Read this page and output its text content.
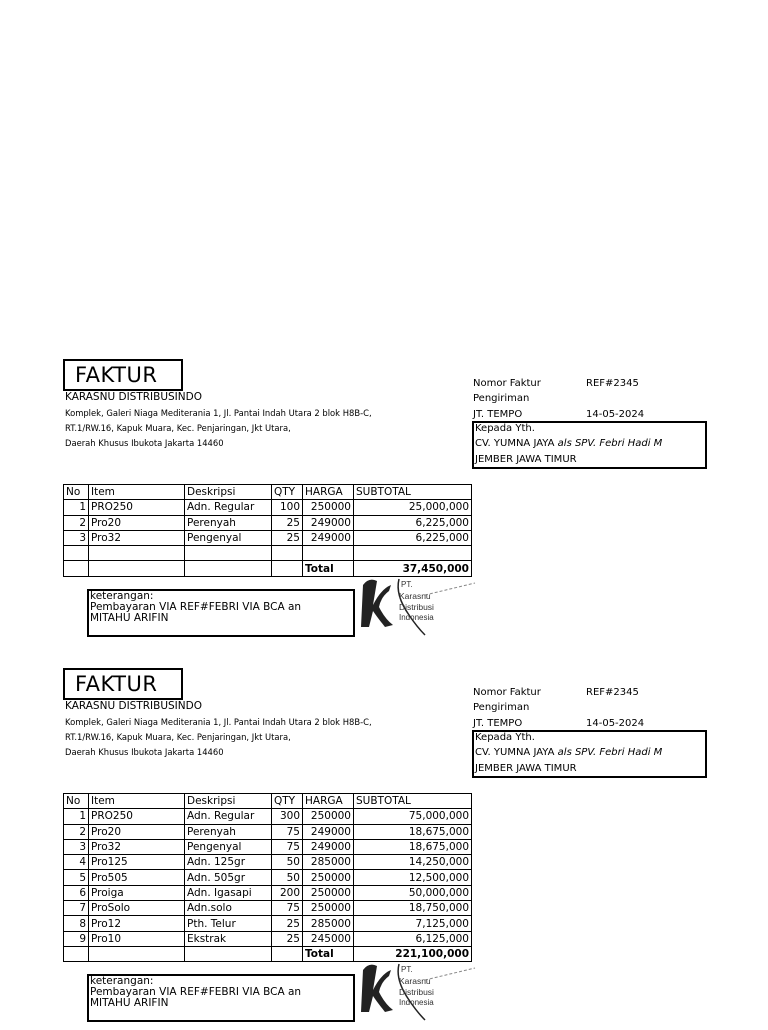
FAKTUR
KARASNU DISTRIBUSINDO
Komplek, Galeri Niaga Mediterania 1, Jl. Pantai Indah Utara 2 blok H8B-C,
RT.1/RW.16, Kapuk Muara, Kec. Penjaringan, Jkt Utara,
Daerah Khusus Ibukota Jakarta 14460
Nomor Faktur	REF#2345
Pengiriman
JT. TEMPO	14-05-2024
Kepada Yth.
CV. YUMNA JAYA als SPV. Febri Hadi M
JEMBER JAWA TIMUR
No	Item	Deskripsi	QTY	HARGA	SUBTOTAL
1	PRO250	Adn. Regular	100	250000	25,000,000
2	Pro20	Perenyah	25	249000	6,225,000
3	Pro32	Pengenyal	25	249000	6,225,000

				Total	37,450,000
keterangan:
Pembayaran VIA REF#FEBRI VIA BCA an
MITAHU ARIFIN
PT.
Karasnu
Distribusi
Indonesia
FAKTUR
KARASNU DISTRIBUSINDO
Komplek, Galeri Niaga Mediterania 1, Jl. Pantai Indah Utara 2 blok H8B-C,
RT.1/RW.16, Kapuk Muara, Kec. Penjaringan, Jkt Utara,
Daerah Khusus Ibukota Jakarta 14460
Nomor Faktur	REF#2345
Pengiriman
JT. TEMPO	14-05-2024
Kepada Yth.
CV. YUMNA JAYA als SPV. Febri Hadi M
JEMBER JAWA TIMUR
No	Item	Deskripsi	QTY	HARGA	SUBTOTAL
1	PRO250	Adn. Regular	300	250000	75,000,000
2	Pro20	Perenyah	75	249000	18,675,000
3	Pro32	Pengenyal	75	249000	18,675,000
4	Pro125	Adn. 125gr	50	285000	14,250,000
5	Pro505	Adn. 505gr	50	250000	12,500,000
6	Proiga	Adn. Igasapi	200	250000	50,000,000
7	ProSolo	Adn.solo	75	250000	18,750,000
8	Pro12	Pth. Telur	25	285000	7,125,000
9	Pro10	Ekstrak	25	245000	6,125,000
				Total	221,100,000
keterangan:
Pembayaran VIA REF#FEBRI VIA BCA an
MITAHU ARIFIN
PT.
Karasnu
Distribusi
Indonesia
